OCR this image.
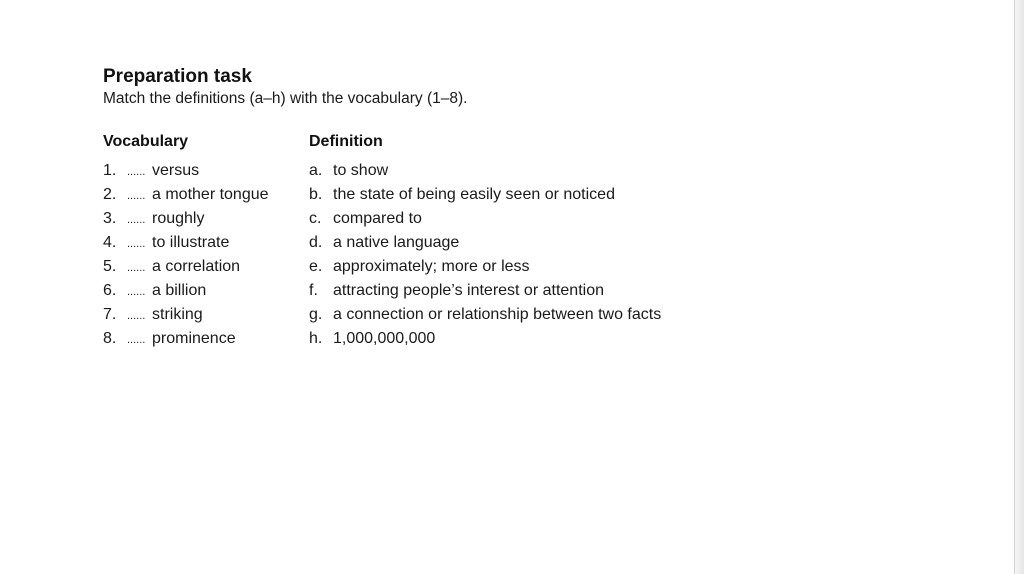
Preparation task
Match the definitions (a–h) with the vocabulary (1–8).
Vocabulary	Definition
1. ...... versus
2. ...... a mother tongue
3. ...... roughly
4. ...... to illustrate
5. ...... a correlation
6. ...... a billion
7. ...... striking
8. ...... prominence
a. to show
b. the state of being easily seen or noticed
c. compared to
d. a native language
e. approximately; more or less
f. attracting people’s interest or attention
g. a connection or relationship between two facts
h. 1,000,000,000
